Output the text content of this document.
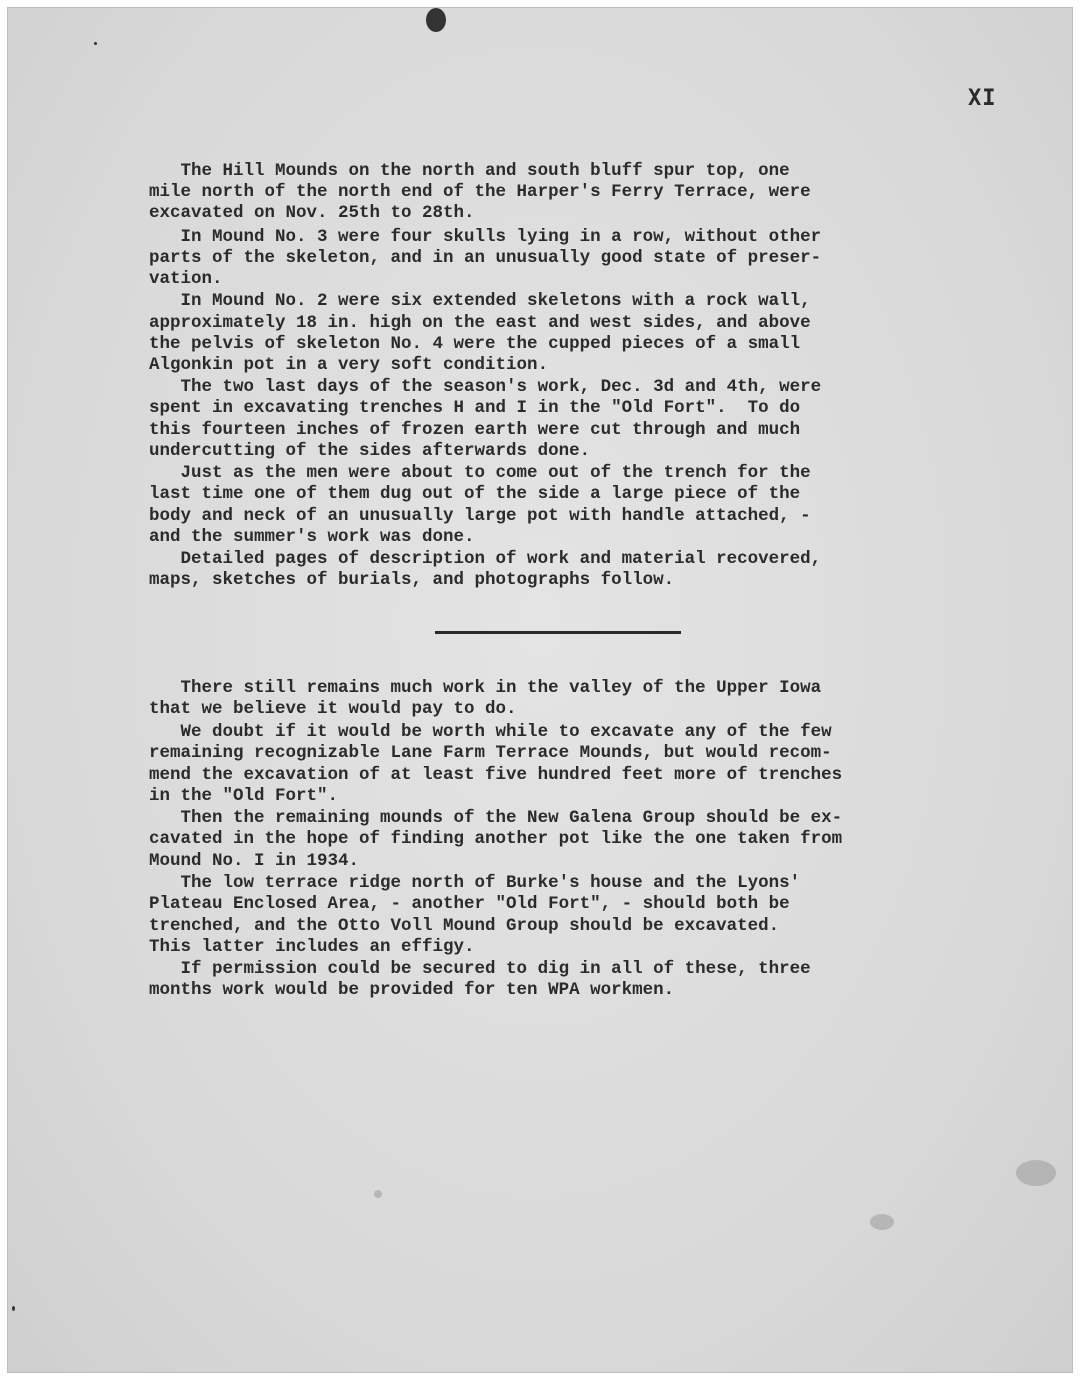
XI
The Hill Mounds on the north and south bluff spur top, one
mile north of the north end of the Harper's Ferry Terrace, were
excavated on Nov. 25th to 28th.
In Mound No. 3 were four skulls lying in a row, without other
parts of the skeleton, and in an unusually good state of preser-
vation.
In Mound No. 2 were six extended skeletons with a rock wall,
approximately 18 in. high on the east and west sides, and above
the pelvis of skeleton No. 4 were the cupped pieces of a small
Algonkin pot in a very soft condition.
The two last days of the season's work, Dec. 3d and 4th, were
spent in excavating trenches H and I in the "Old Fort".  To do
this fourteen inches of frozen earth were cut through and much
undercutting of the sides afterwards done.
Just as the men were about to come out of the trench for the
last time one of them dug out of the side a large piece of the
body and neck of an unusually large pot with handle attached, -
and the summer's work was done.
Detailed pages of description of work and material recovered,
maps, sketches of burials, and photographs follow.
There still remains much work in the valley of the Upper Iowa
that we believe it would pay to do.
We doubt if it would be worth while to excavate any of the few
remaining recognizable Lane Farm Terrace Mounds, but would recom-
mend the excavation of at least five hundred feet more of trenches
in the "Old Fort".
Then the remaining mounds of the New Galena Group should be ex-
cavated in the hope of finding another pot like the one taken from
Mound No. I in 1934.
The low terrace ridge north of Burke's house and the Lyons'
Plateau Enclosed Area, - another "Old Fort", - should both be
trenched, and the Otto Voll Mound Group should be excavated.
This latter includes an effigy.
If permission could be secured to dig in all of these, three
months work would be provided for ten WPA workmen.
